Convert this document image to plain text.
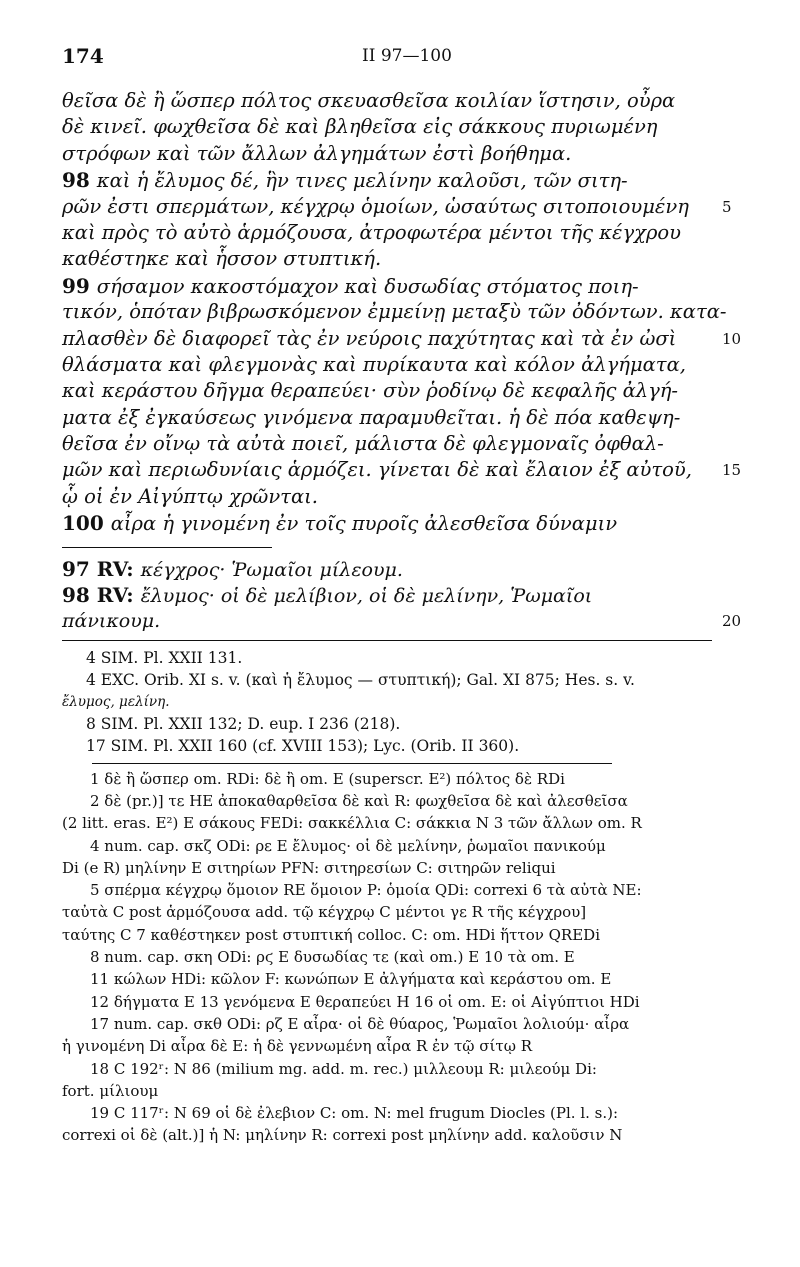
174	II 97—100
θεῖσα δὲ ἢ ὥσπερ πόλτος σκευασθεῖσα κοιλίαν ἵστησιν, οὖρα
δὲ κινεῖ. φωχθεῖσα δὲ καὶ βληθεῖσα εἰς σάκκους πυριωμένη
στρόφων καὶ τῶν ἄλλων ἀλγημάτων ἐστὶ βοήθημα.
98 καὶ ἡ ἔλυμος δέ, ἣν τινες μελίνην καλοῦσι, τῶν σιτη-
ρῶν ἐστι σπερμάτων, κέγχρῳ ὁμοίων, ὡσαύτως σιτοποιουμένη 5
καὶ πρὸς τὸ αὐτὸ ἁρμόζουσα, ἀτροφωτέρα μέντοι τῆς κέγχρου
καθέστηκε καὶ ἧσσον στυπτική.
99 σήσαμον κακοστόμαχον καὶ δυσωδίας στόματος ποιη-
τικόν, ὁπόταν βιβρωσκόμενον ἐμμείνῃ μεταξὺ τῶν ὀδόντων. κατα-
πλασθὲν δὲ διαφορεῖ τὰς ἐν νεύροις παχύτητας καὶ τὰ ἐν ὠσὶ	10
θλάσματα καὶ φλεγμονὰς καὶ πυρίκαυτα καὶ κόλον ἀλγήματα,
καὶ κεράστου δῆγμα θεραπεύει· σὺν ῥοδίνῳ δὲ κεφαλῆς ἀλγή-
ματα ἐξ ἐγκαύσεως γινόμενα παραμυθεῖται. ἡ δὲ πόα καθεψη-
θεῖσα ἐν οἴνῳ τὰ αὐτὰ ποιεῖ, μάλιστα δὲ φλεγμοναῖς ὀφθαλ-
μῶν καὶ περιωδυνίαις ἁρμόζει. γίνεται δὲ καὶ ἔλαιον ἐξ αὐτοῦ, 15
ᾧ οἱ ἐν Αἰγύπτῳ χρῶνται.
100 αἶρα ἡ γινομένη ἐν τοῖς πυροῖς ἀλεσθεῖσα δύναμιν
97 RV: κέγχρος· Ῥωμαῖοι μίλεουμ.
98 RV: ἔλυμος· οἱ δὲ μελίβιον, οἱ δὲ μελίνην, Ῥωμαῖοι
πάνικουμ.	20
4 SIM. Pl. XXII 131.
4 EXC. Orib. XI s. v. (καὶ ἡ ἔλυμος — στυπτική); Gal. XI 875; Hes. s. v.
ἔλυμος, μελίνη.
8 SIM. Pl. XXII 132; D. eup. I 236 (218).
17 SIM. Pl. XXII 160 (cf. XVIII 153); Lyc. (Orib. II 360).
1 δὲ ἢ ὥσπερ om. RDi: δὲ ἢ om. E (superscr. E²) πόλτος δὲ RDi
2 δὲ (pr.)] τε HE ἀποκαθαρθεῖσα δὲ καὶ R: φωχθεῖσα δὲ καὶ ἀλεσθεῖσα
(2 litt. eras. E²) E σάκους FEDi: σακκέλλια C: σάκκια N 3 τῶν ἄλλων om. R
4 num. cap. σκζ ODi: ρε E ἔλυμος· οἱ δὲ μελίνην, ῥωμαῖοι πανικούμ
Di (e R) μηλίνην E σιτηρίων PFN: σιτηρεσίων C: σιτηρῶν reliqui
5 σπέρμα κέγχρῳ ὅμοιον RE ὅμοιον P: ὁμοία QDi: correxi 6 τὰ αὐτὰ NE:
ταὐτὰ C post ἁρμόζουσα add. τῷ κέγχρῳ C μέντοι γε R τῆς κέγχρου]
ταύτης C 7 καθέστηκεν post στυπτική colloc. C: om. HDi ἥττον QREDi
8 num. cap. σκη ODi: ρϛ E δυσωδίας τε (καὶ om.) E 10 τὰ om. E
11 κώλων HDi: κῶλον F: κωνώπων E ἀλγήματα καὶ κεράστου om. E
12 δήγματα E 13 γενόμενα E θεραπεύει H 16 οἱ om. E: οἱ Αἰγύπτιοι HDi
17 num. cap. σκθ ODi: ρζ E αἶρα· οἱ δὲ θύαρος, Ῥωμαῖοι λολιούμ· αἶρα
ἡ γινομένη Di αἶρα δὲ E: ἡ δὲ γεννωμένη αἶρα R ἐν τῷ σίτῳ R
18 C 192ʳ: N 86 (milium mg. add. m. rec.) μιλλεουμ R: μιλεούμ Di:
fort. μίλιουμ
19 C 117ʳ: N 69 οἱ δὲ ἐλεβιον C: om. N: mel frugum Diocles (Pl. l. s.):
correxi οἱ δὲ (alt.)] ἡ N: μηλίνην R: correxi post μηλίνην add. καλοῦσιν N
